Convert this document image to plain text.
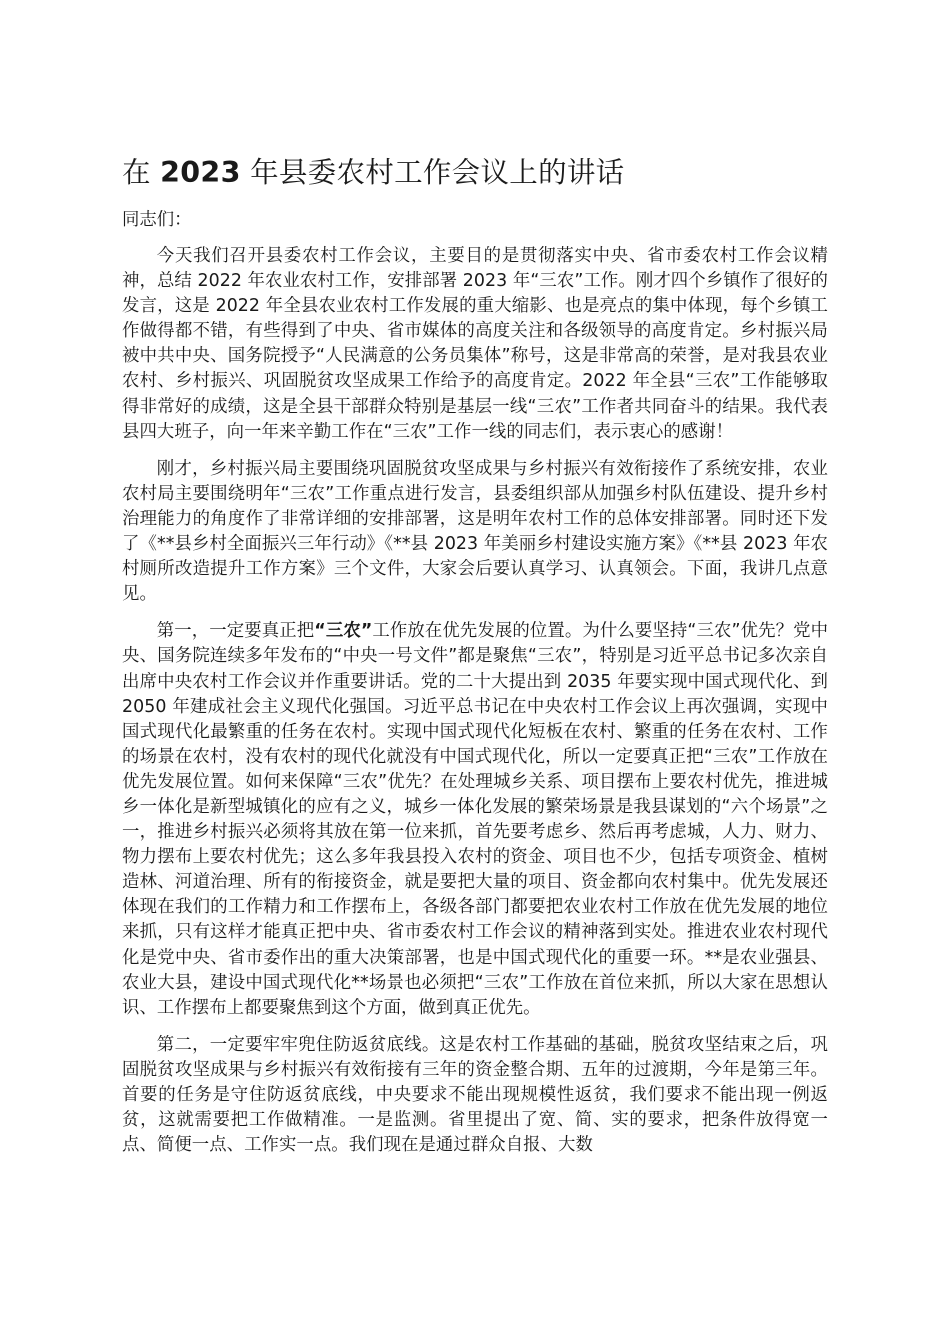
在 2023 年县委农村工作会议上的讲话

同志们：

今天我们召开县委农村工作会议，主要目的是贯彻落实中央、省市委农村工作会议精神，总结 2022 年农业农村工作，安排部署 2023 年“三农”工作。刚才四个乡镇作了很好的发言，这是 2022 年全县农业农村工作发展的重大缩影、也是亮点的集中体现，每个乡镇工作做得都不错，有些得到了中央、省市媒体的高度关注和各级领导的高度肯定。乡村振兴局被中共中央、国务院授予“人民满意的公务员集体”称号，这是非常高的荣誉，是对我县农业农村、乡村振兴、巩固脱贫攻坚成果工作给予的高度肯定。2022 年全县“三农”工作能够取得非常好的成绩，这是全县干部群众特别是基层一线“三农”工作者共同奋斗的结果。我代表县四大班子，向一年来辛勤工作在“三农”工作一线的同志们，表示衷心的感谢！

刚才，乡村振兴局主要围绕巩固脱贫攻坚成果与乡村振兴有效衔接作了系统安排，农业农村局主要围绕明年“三农”工作重点进行发言，县委组织部从加强乡村队伍建设、提升乡村治理能力的角度作了非常详细的安排部署，这是明年农村工作的总体安排部署。同时还下发了《**县乡村全面振兴三年行动》《**县 2023 年美丽乡村建设实施方案》《**县 2023 年农村厕所改造提升工作方案》三个文件，大家会后要认真学习、认真领会。下面，我讲几点意见。

第一，一定要真正把“三农”工作放在优先发展的位置。为什么要坚持“三农”优先？党中央、国务院连续多年发布的“中央一号文件”都是聚焦“三农”，特别是习近平总书记多次亲自出席中央农村工作会议并作重要讲话。党的二十大提出到 2035 年要实现中国式现代化、到 2050 年建成社会主义现代化强国。习近平总书记在中央农村工作会议上再次强调，实现中国式现代化最繁重的任务在农村。实现中国式现代化短板在农村、繁重的任务在农村、工作的场景在农村，没有农村的现代化就没有中国式现代化，所以一定要真正把“三农”工作放在优先发展位置。如何来保障“三农”优先？在处理城乡关系、项目摆布上要农村优先，推进城乡一体化是新型城镇化的应有之义，城乡一体化发展的繁荣场景是我县谋划的“六个场景”之一，推进乡村振兴必须将其放在第一位来抓，首先要考虑乡、然后再考虑城，人力、财力、物力摆布上要农村优先；这么多年我县投入农村的资金、项目也不少，包括专项资金、植树造林、河道治理、所有的衔接资金，就是要把大量的项目、资金都向农村集中。优先发展还体现在我们的工作精力和工作摆布上，各级各部门都要把农业农村工作放在优先发展的地位来抓，只有这样才能真正把中央、省市委农村工作会议的精神落到实处。推进农业农村现代化是党中央、省市委作出的重大决策部署，也是中国式现代化的重要一环。**是农业强县、农业大县，建设中国式现代化**场景也必须把“三农”工作放在首位来抓，所以大家在思想认识、工作摆布上都要聚焦到这个方面，做到真正优先。

第二，一定要牢牢兜住防返贫底线。这是农村工作基础的基础，脱贫攻坚结束之后，巩固脱贫攻坚成果与乡村振兴有效衔接有三年的资金整合期、五年的过渡期，今年是第三年。首要的任务是守住防返贫底线，中央要求不能出现规模性返贫，我们要求不能出现一例返贫，这就需要把工作做精准。一是监测。省里提出了宽、简、实的要求，把条件放得宽一点、简便一点、工作实一点。我们现在是通过群众自报、大数
